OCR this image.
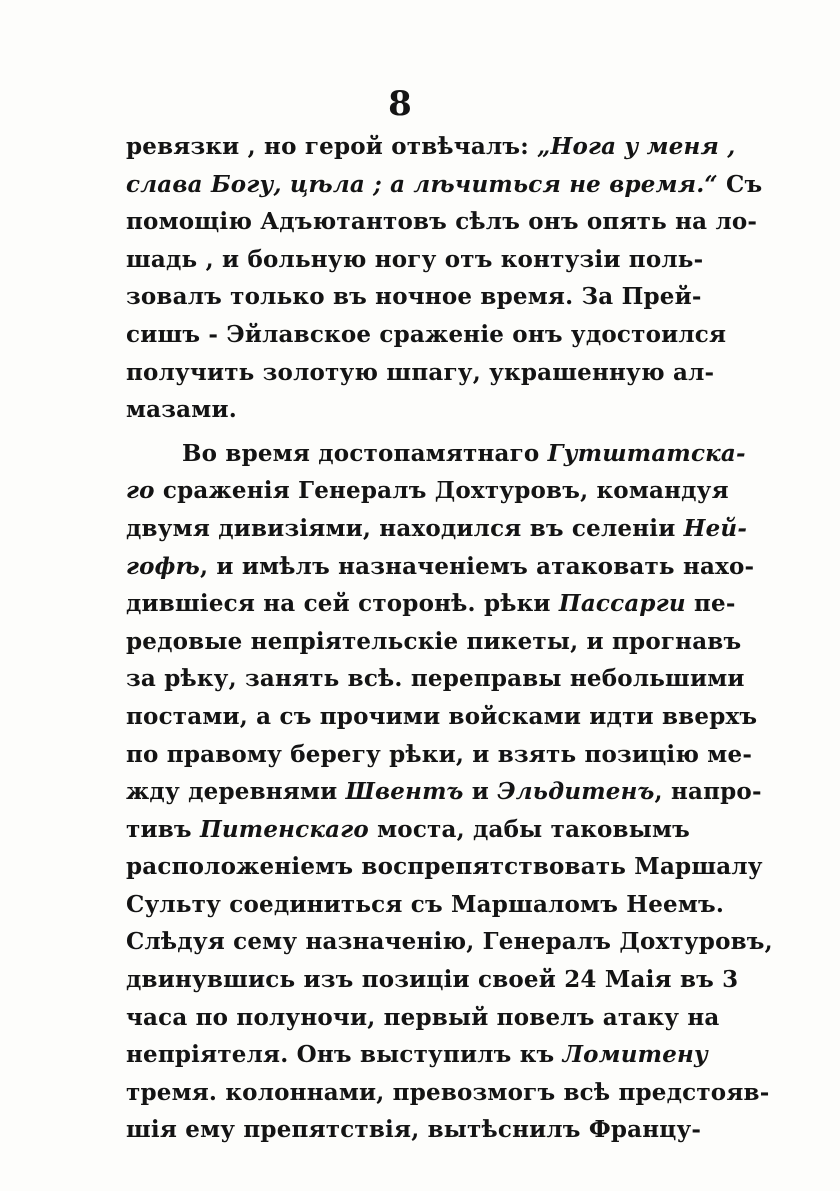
8
ревязки , но герой отвѣчалъ: „Нога у меня ,
слава Богу, цѣла ; а лѣчиться не время.“ Съ
помощію Адъютантовъ сѣлъ онъ опять на ло-
шадь , и больную ногу отъ контузіи поль-
зовалъ только въ ночное время. За Прей-
сишъ - Эйлавское сраженіе онъ удостоился
получить золотую шпагу, украшенную ал-
мазами.
Во время достопамятнаго Гутштатска-
го сраженія Генералъ Дохтуровъ, командуя
двумя дивизіями, находился въ селеніи Ней-
гофѣ, и имѣлъ назначеніемъ атаковать нахо-
дившіеся на сей сторонѣ. рѣки Пассарги пе-
редовые непріятельскіе пикеты, и прогнавъ
за рѣку, занять всѣ. переправы небольшими
постами, а съ прочими войсками идти вверхъ
по правому берегу рѣки, и взять позицію ме-
жду деревнями Швентъ и Эльдитенъ, напро-
тивъ Питенскаго моста, дабы таковымъ
расположеніемъ воспрепятствовать Маршалу
Сульту соединиться съ Маршаломъ Неемъ.
Слѣдуя сему назначенію, Генералъ Дохтуровъ,
двинувшись изъ позиціи своей 24 Маія въ 3
часа по полуночи, первый повелъ атаку на
непріятеля. Онъ выступилъ къ Ломитену
тремя. колоннами, превозмогъ всѣ предстояв-
шія ему препятствія, вытѣснилъ Францу-
